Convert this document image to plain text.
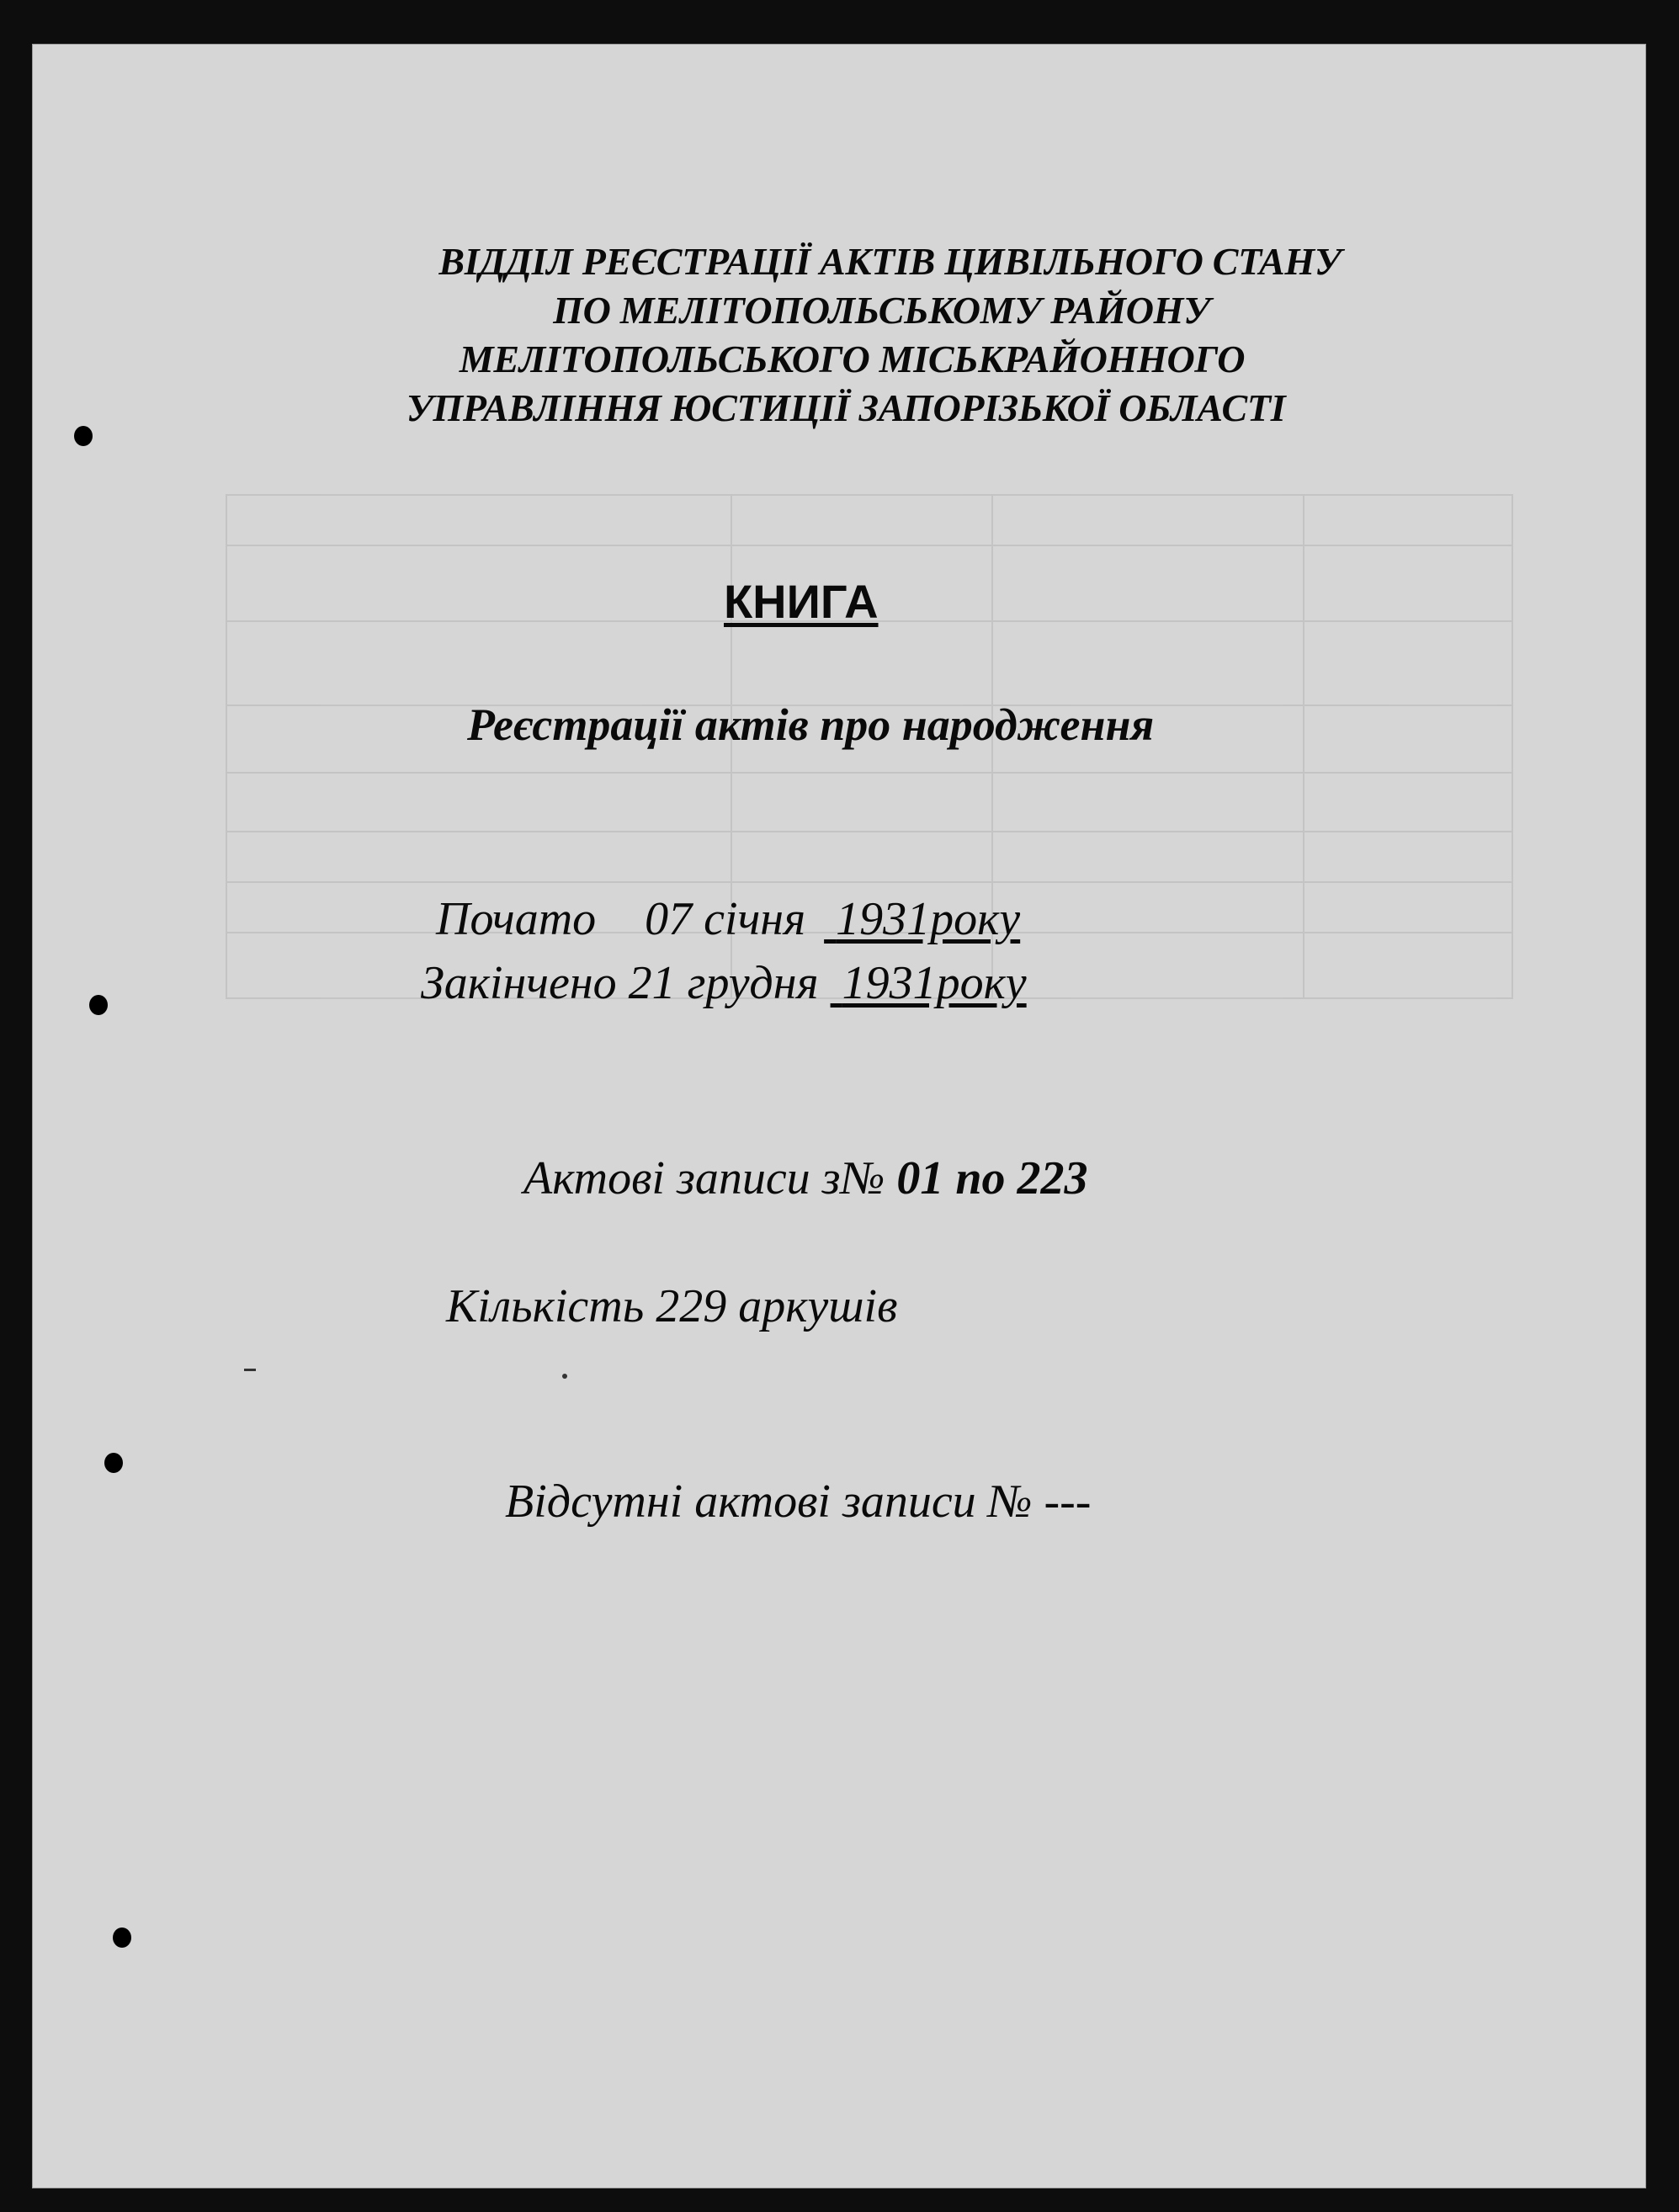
ВІДДІЛ РЕЄСТРАЦІЇ АКТІВ ЦИВІЛЬНОГО СТАНУ
ПО МЕЛІТОПОЛЬСЬКОМУ РАЙОНУ
МЕЛІТОПОЛЬСЬКОГО МІСЬКРАЙОННОГО
УПРАВЛІННЯ ЮСТИЦІЇ ЗАПОРІЗЬКОЇ ОБЛАСТІ
КНИГА
Реєстрації актів про народження
Почато 07 січня 1931року
Закінчено 21 грудня 1931року
Актові записи з№ 01 по 223
Кількість 229 аркушів
Відсутні актові записи № ---
